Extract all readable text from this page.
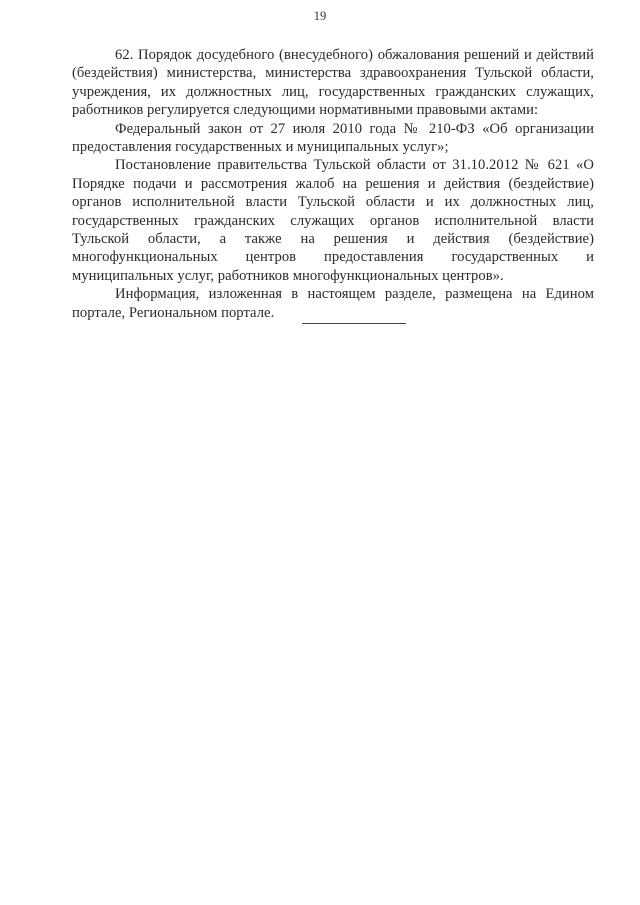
19

62. Порядок досудебного (внесудебного) обжалования решений и действий (бездействия) министерства, министерства здравоохранения Тульской области, учреждения, их должностных лиц, государственных гражданских служащих, работников регулируется следующими нормативными правовыми актами:

Федеральный закон от 27 июля 2010 года № 210-ФЗ «Об организации предоставления государственных и муниципальных услуг»;

Постановление правительства Тульской области от 31.10.2012 № 621 «О Порядке подачи и рассмотрения жалоб на решения и действия (бездействие) органов исполнительной власти Тульской области и их должностных лиц, государственных гражданских служащих органов исполнительной власти Тульской области, а также на решения и действия (бездействие) многофункциональных центров предоставления государственных и муниципальных услуг, работников многофункциональных центров».

Информация, изложенная в настоящем разделе, размещена на Едином портале, Региональном портале.
